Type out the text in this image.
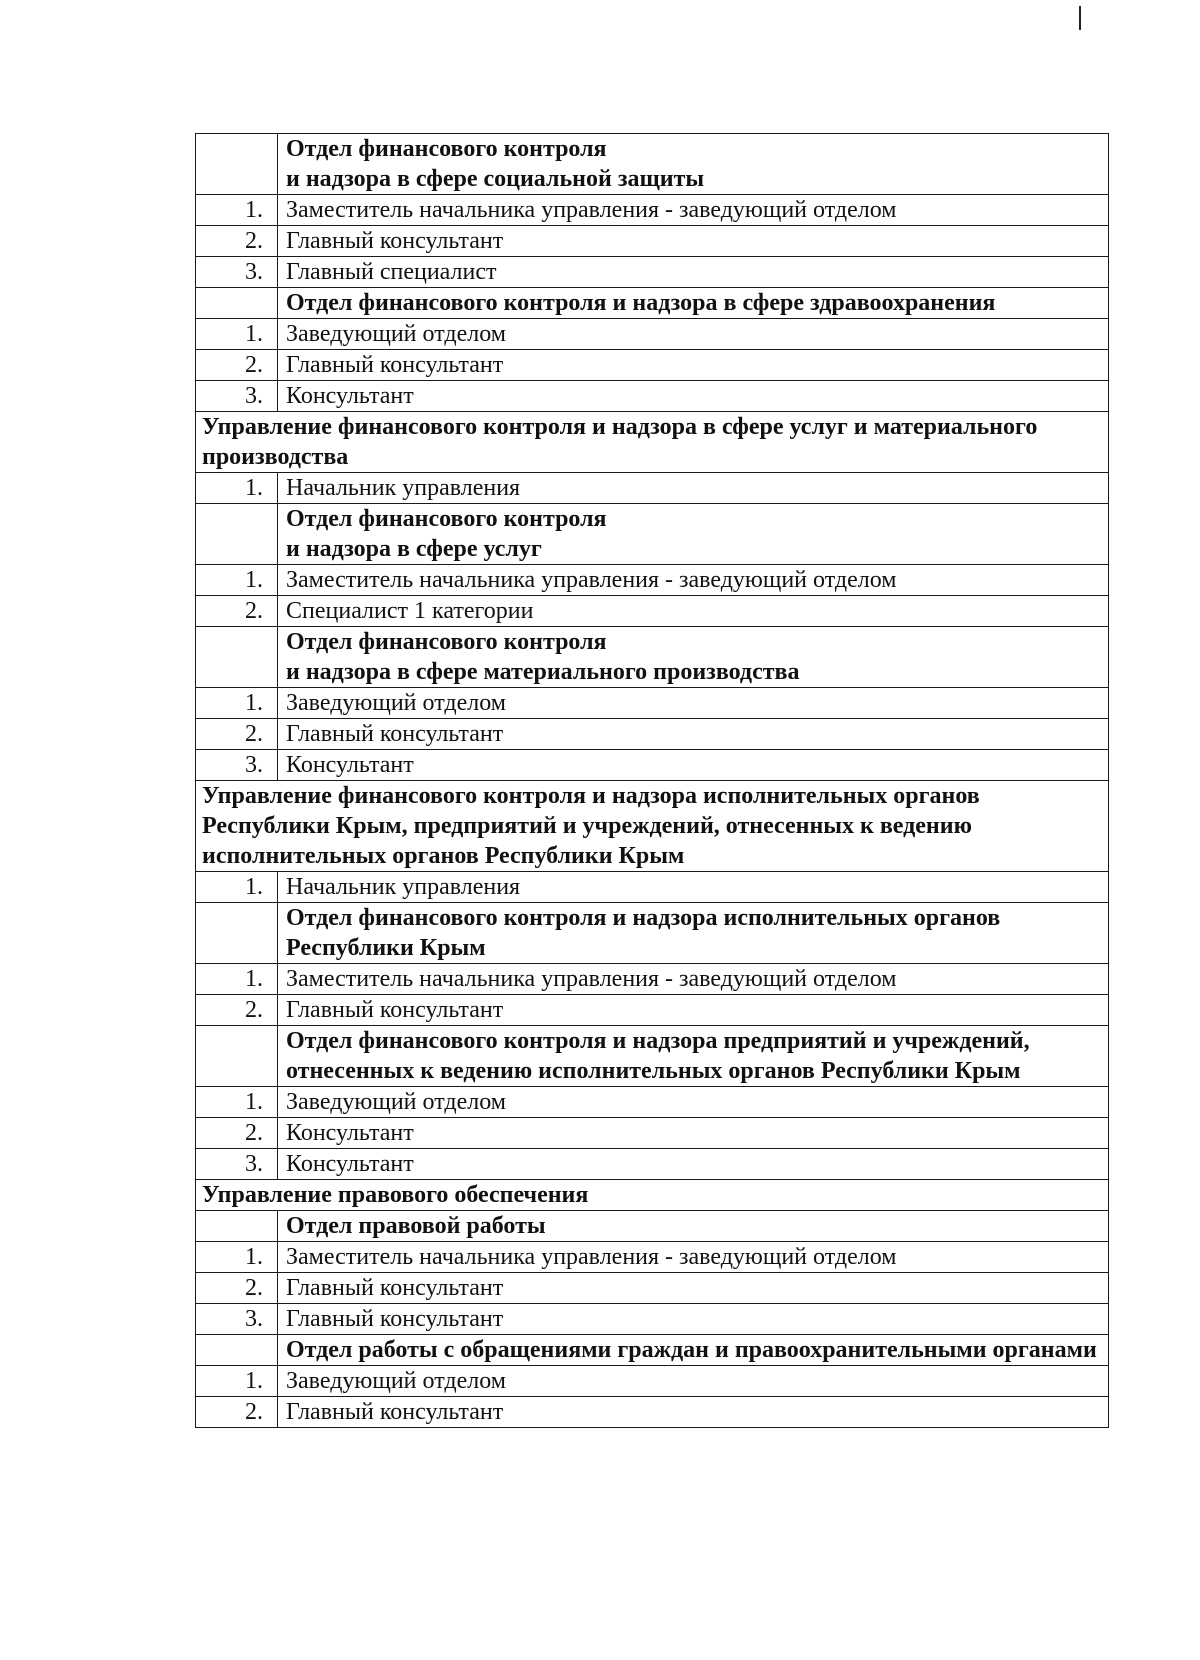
	Отдел финансового контроля
и надзора в сфере социальной защиты
1.	Заместитель начальника управления - заведующий отделом
2.	Главный консультант
3.	Главный специалист
	Отдел финансового контроля и надзора в сфере здравоохранения
1.	Заведующий отделом
2.	Главный консультант
3.	Консультант
Управление финансового контроля и надзора в сфере услуг и материального производства	
1.	Начальник управления
	Отдел финансового контроля
и надзора в сфере услуг
1.	Заместитель начальника управления - заведующий отделом
2.	Специалист 1 категории
	Отдел финансового контроля
и надзора в сфере материального производства
1.	Заведующий отделом
2.	Главный консультант
3.	Консультант
Управление финансового контроля и надзора исполнительных органов Республики Крым, предприятий и учреждений, отнесенных к ведению исполнительных органов Республики Крым	
1.	Начальник управления
	Отдел финансового контроля и надзора исполнительных органов Республики Крым
1.	Заместитель начальника управления - заведующий отделом
2.	Главный консультант
	Отдел финансового контроля и надзора предприятий и учреждений, отнесенных к ведению исполнительных органов Республики Крым
1.	Заведующий отделом
2.	Консультант
3.	Консультант
Управление правового обеспечения	
	Отдел правовой работы
1.	Заместитель начальника управления - заведующий отделом
2.	Главный консультант
3.	Главный консультант
	Отдел работы с обращениями граждан и правоохранительными органами
1.	Заведующий отделом
2.	Главный консультант
